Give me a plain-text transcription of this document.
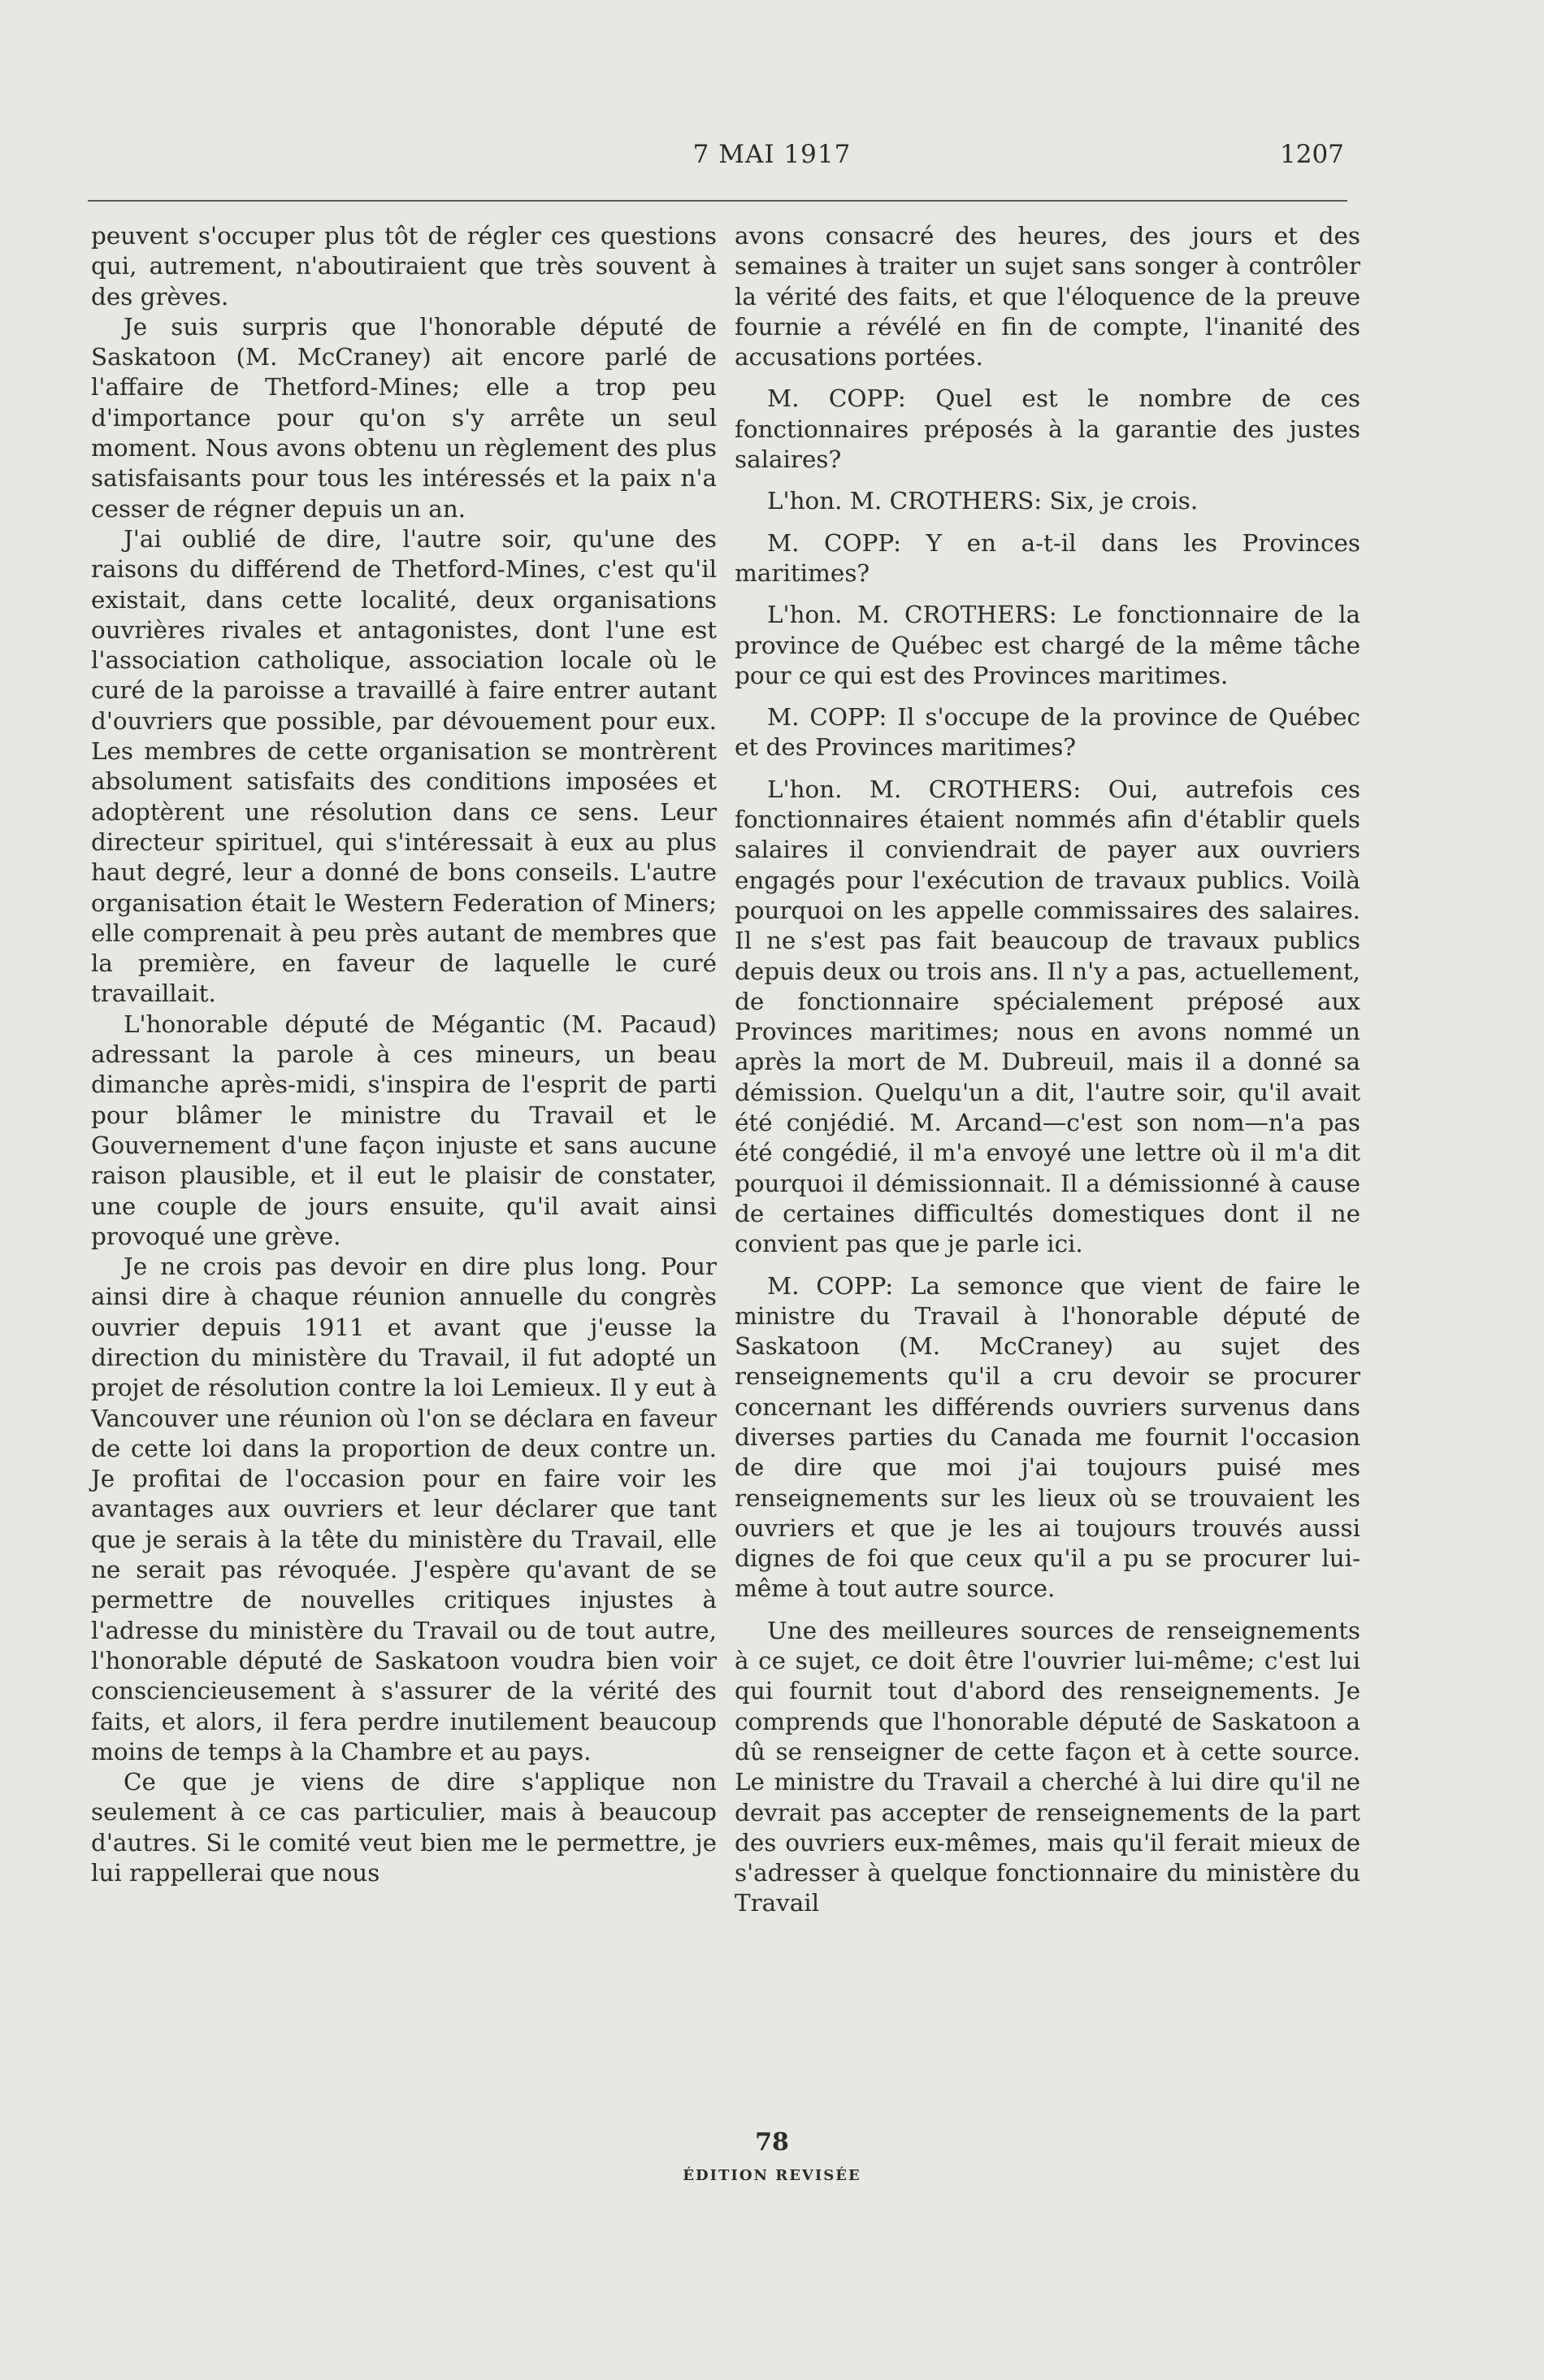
7 MAI 1917	1207

peuvent s'occuper plus tôt de régler ces questions qui, autrement, n'aboutiraient que très souvent à des grèves.

Je suis surpris que l'honorable député de Saskatoon (M. McCraney) ait encore parlé de l'affaire de Thetford-Mines; elle a trop peu d'importance pour qu'on s'y arrête un seul moment. Nous avons obtenu un règlement des plus satisfaisants pour tous les intéressés et la paix n'a cesser de régner depuis un an.

J'ai oublié de dire, l'autre soir, qu'une des raisons du différend de Thetford-Mines, c'est qu'il existait, dans cette localité, deux organisations ouvrières rivales et antagonistes, dont l'une est l'association catholique, association locale où le curé de la paroisse a travaillé à faire entrer autant d'ouvriers que possible, par dévouement pour eux. Les membres de cette organisation se montrèrent absolument satisfaits des conditions imposées et adoptèrent une résolution dans ce sens. Leur directeur spirituel, qui s'intéressait à eux au plus haut degré, leur a donné de bons conseils. L'autre organisation était le Western Federation of Miners; elle comprenait à peu près autant de membres que la première, en faveur de laquelle le curé travaillait.

L'honorable député de Mégantic (M. Pacaud) adressant la parole à ces mineurs, un beau dimanche après-midi, s'inspira de l'esprit de parti pour blâmer le ministre du Travail et le Gouvernement d'une façon injuste et sans aucune raison plausible, et il eut le plaisir de constater, une couple de jours ensuite, qu'il avait ainsi provoqué une grève.

Je ne crois pas devoir en dire plus long. Pour ainsi dire à chaque réunion annuelle du congrès ouvrier depuis 1911 et avant que j'eusse la direction du ministère du Travail, il fut adopté un projet de résolution contre la loi Lemieux. Il y eut à Vancouver une réunion où l'on se déclara en faveur de cette loi dans la proportion de deux contre un. Je profitai de l'occasion pour en faire voir les avantages aux ouvriers et leur déclarer que tant que je serais à la tête du ministère du Travail, elle ne serait pas révoquée. J'espère qu'avant de se permettre de nouvelles critiques injustes à l'adresse du ministère du Travail ou de tout autre, l'honorable député de Saskatoon voudra bien voir consciencieusement à s'assurer de la vérité des faits, et alors, il fera perdre inutilement beaucoup moins de temps à la Chambre et au pays.

Ce que je viens de dire s'applique non seulement à ce cas particulier, mais à beaucoup d'autres. Si le comité veut bien me le permettre, je lui rappellerai que nous

avons consacré des heures, des jours et des semaines à traiter un sujet sans songer à contrôler la vérité des faits, et que l'éloquence de la preuve fournie a révélé en fin de compte, l'inanité des accusations portées.

M. COPP: Quel est le nombre de ces fonctionnaires préposés à la garantie des justes salaires?

L'hon. M. CROTHERS: Six, je crois.

M. COPP: Y en a-t-il dans les Provinces maritimes?

L'hon. M. CROTHERS: Le fonctionnaire de la province de Québec est chargé de la même tâche pour ce qui est des Provinces maritimes.

M. COPP: Il s'occupe de la province de Québec et des Provinces maritimes?

L'hon. M. CROTHERS: Oui, autrefois ces fonctionnaires étaient nommés afin d'établir quels salaires il conviendrait de payer aux ouvriers engagés pour l'exécution de travaux publics. Voilà pourquoi on les appelle commissaires des salaires. Il ne s'est pas fait beaucoup de travaux publics depuis deux ou trois ans. Il n'y a pas, actuellement, de fonctionnaire spécialement préposé aux Provinces maritimes; nous en avons nommé un après la mort de M. Dubreuil, mais il a donné sa démission. Quelqu'un a dit, l'autre soir, qu'il avait été conjédié. M. Arcand—c'est son nom—n'a pas été congédié, il m'a envoyé une lettre où il m'a dit pourquoi il démissionnait. Il a démissionné à cause de certaines difficultés domestiques dont il ne convient pas que je parle ici.

M. COPP: La semonce que vient de faire le ministre du Travail à l'honorable député de Saskatoon (M. McCraney) au sujet des renseignements qu'il a cru devoir se procurer concernant les différends ouvriers survenus dans diverses parties du Canada me fournit l'occasion de dire que moi j'ai toujours puisé mes renseignements sur les lieux où se trouvaient les ouvriers et que je les ai toujours trouvés aussi dignes de foi que ceux qu'il a pu se procurer lui-même à tout autre source.

Une des meilleures sources de renseignements à ce sujet, ce doit être l'ouvrier lui-même; c'est lui qui fournit tout d'abord des renseignements. Je comprends que l'honorable député de Saskatoon a dû se renseigner de cette façon et à cette source. Le ministre du Travail a cherché à lui dire qu'il ne devrait pas accepter de renseignements de la part des ouvriers eux-mêmes, mais qu'il ferait mieux de s'adresser à quelque fonctionnaire du ministère du Travail

78
ÉDITION REVISÉE
